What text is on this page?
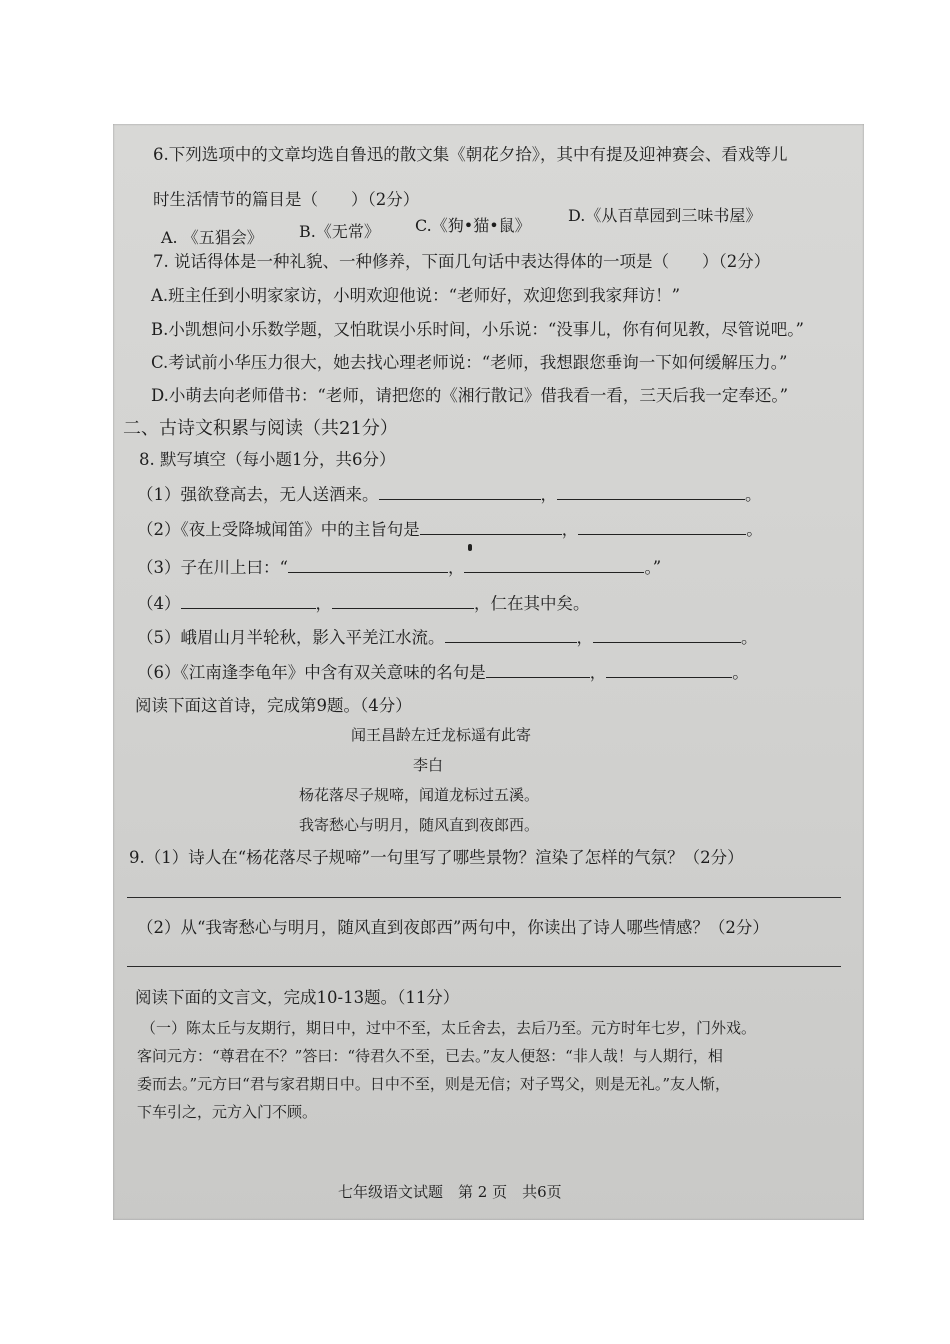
6.下列选项中的文章均选自鲁迅的散文集《朝花夕拾》，其中有提及迎神赛会、看戏等儿
时生活情节的篇目是（　　）（2分）
A. 《五猖会》 B.《无常》 C.《狗•猫•鼠》
D.《从百草园到三味书屋》
7. 说话得体是一种礼貌、一种修养，下面几句话中表达得体的一项是（　　）（2分）
A.班主任到小明家家访，小明欢迎他说：“老师好，欢迎您到我家拜访！”
B.小凯想问小乐数学题，又怕耽误小乐时间，小乐说：“没事儿，你有何见教，尽管说吧。”
C.考试前小华压力很大，她去找心理老师说：“老师，我想跟您垂询一下如何缓解压力。”
D.小萌去向老师借书：“老师，请把您的《湘行散记》借我看一看，三天后我一定奉还。”
二、古诗文积累与阅读（共21分）
8. 默写填空（每小题1分，共6分）
（1）强欲登高去，无人送酒来。	，	。
（2）《夜上受降城闻笛》中的主旨句是	，	。
（3）子在川上曰：“	，	。”
（4）	，	，仁在其中矣。
（5）峨眉山月半轮秋，影入平羌江水流。	，	。
（6）《江南逢李龟年》中含有双关意味的名句是	，	。
阅读下面这首诗，完成第9题。（4分）
闻王昌龄左迁龙标遥有此寄
李白
杨花落尽子规啼，闻道龙标过五溪。
我寄愁心与明月，随风直到夜郎西。
9.（1）诗人在“杨花落尽子规啼”一句里写了哪些景物？渲染了怎样的气氛？（2分）
（2）从“我寄愁心与明月，随风直到夜郎西”两句中，你读出了诗人哪些情感？（2分）
阅读下面的文言文，完成10-13题。（11分）
（一）陈太丘与友期行，期日中，过中不至，太丘舍去，去后乃至。元方时年七岁，门外戏。
客问元方：“尊君在不？”答曰：“待君久不至，已去。”友人便怒：“非人哉！与人期行，相
委而去。”元方曰“君与家君期日中。日中不至，则是无信；对子骂父，则是无礼。”友人惭，
下车引之，元方入门不顾。
七年级语文试题　第 2 页　共6页
